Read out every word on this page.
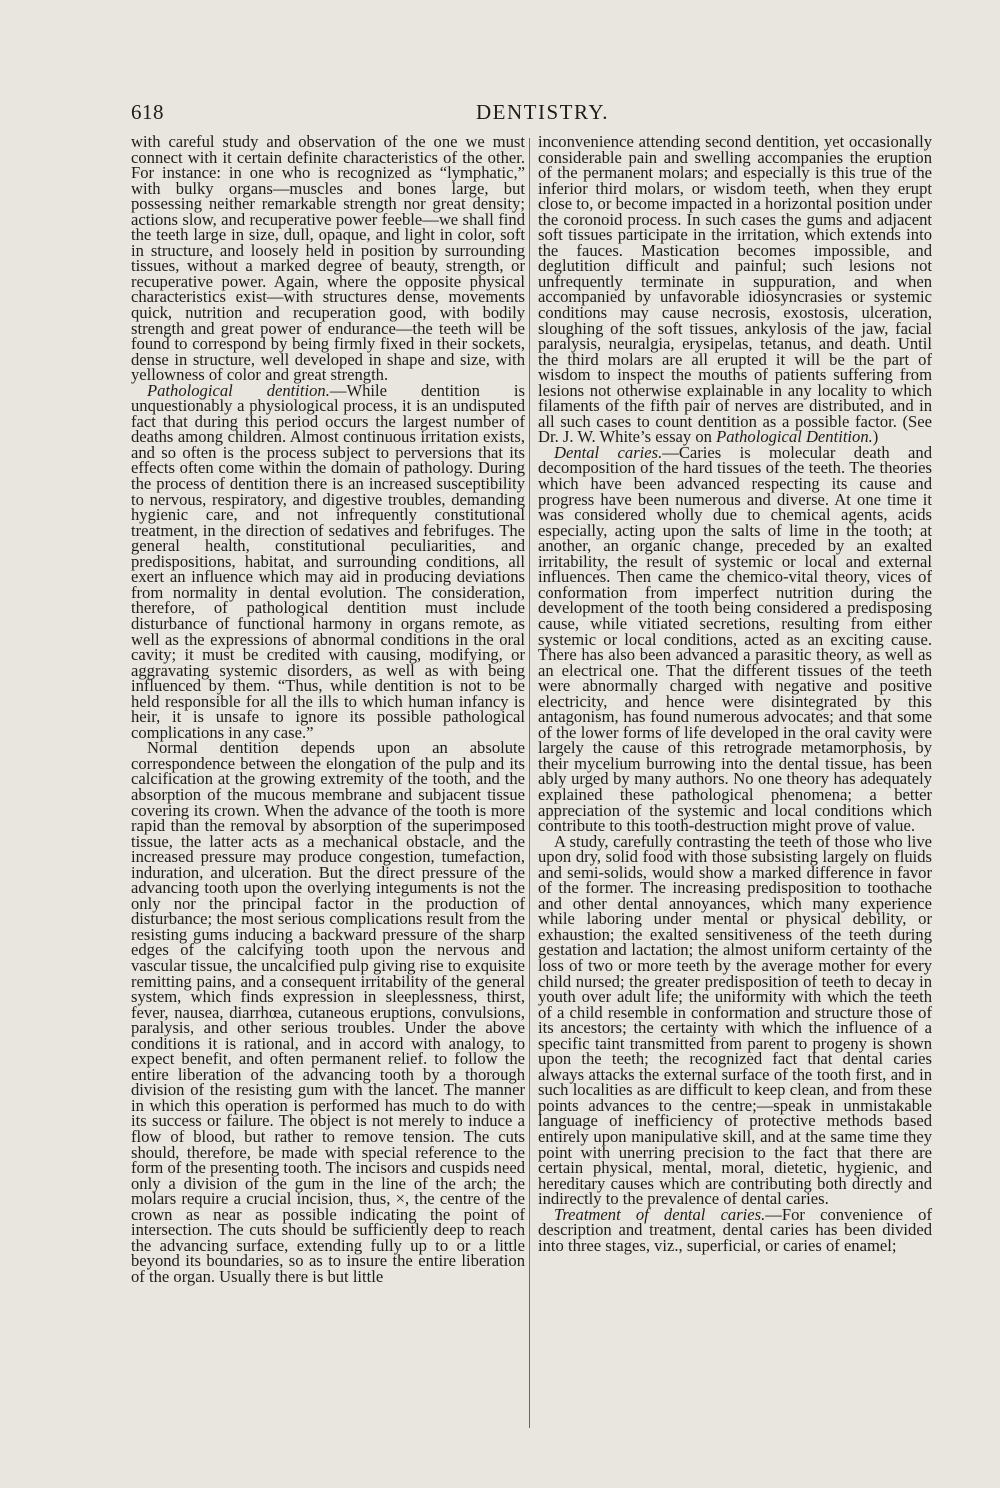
618	DENTISTRY.

with careful study and observation of the one we must connect with it certain definite characteristics of the other. For instance: in one who is recognized as “lymphatic,” with bulky organs—muscles and bones large, but possessing neither remarkable strength nor great density; actions slow, and recuperative power feeble—we shall find the teeth large in size, dull, opaque, and light in color, soft in structure, and loosely held in position by surrounding tissues, without a marked degree of beauty, strength, or recuperative power. Again, where the opposite physical characteristics exist—with structures dense, movements quick, nutrition and recuperation good, with bodily strength and great power of endurance—the teeth will be found to correspond by being firmly fixed in their sockets, dense in structure, well developed in shape and size, with yellowness of color and great strength.

Pathological dentition.—While dentition is unquestionably a physiological process, it is an undisputed fact that during this period occurs the largest number of deaths among children. Almost continuous irritation exists, and so often is the process subject to perversions that its effects often come within the domain of pathology. During the process of dentition there is an increased susceptibility to nervous, respiratory, and digestive troubles, demanding hygienic care, and not infrequently constitutional treatment, in the direction of sedatives and febrifuges. The general health, constitutional peculiarities, and predispositions, habitat, and surrounding conditions, all exert an influence which may aid in producing deviations from normality in dental evolution. The consideration, therefore, of pathological dentition must include disturbance of functional harmony in organs remote, as well as the expressions of abnormal conditions in the oral cavity; it must be credited with causing, modifying, or aggravating systemic disorders, as well as with being influenced by them. “Thus, while dentition is not to be held responsible for all the ills to which human infancy is heir, it is unsafe to ignore its possible pathological complications in any case.”

Normal dentition depends upon an absolute correspondence between the elongation of the pulp and its calcification at the growing extremity of the tooth, and the absorption of the mucous membrane and subjacent tissue covering its crown. When the advance of the tooth is more rapid than the removal by absorption of the superimposed tissue, the latter acts as a mechanical obstacle, and the increased pressure may produce congestion, tumefaction, induration, and ulceration. But the direct pressure of the advancing tooth upon the overlying integuments is not the only nor the principal factor in the production of disturbance; the most serious complications result from the resisting gums inducing a backward pressure of the sharp edges of the calcifying tooth upon the nervous and vascular tissue, the uncalcified pulp giving rise to exquisite remitting pains, and a consequent irritability of the general system, which finds expression in sleeplessness, thirst, fever, nausea, diarrhœa, cutaneous eruptions, convulsions, paralysis, and other serious troubles. Under the above conditions it is rational, and in accord with analogy, to expect benefit, and often permanent relief. to follow the entire liberation of the advancing tooth by a thorough division of the resisting gum with the lancet. The manner in which this operation is performed has much to do with its success or failure. The object is not merely to induce a flow of blood, but rather to remove tension. The cuts should, therefore, be made with special reference to the form of the presenting tooth. The incisors and cuspids need only a division of the gum in the line of the arch; the molars require a crucial incision, thus, ×, the centre of the crown as near as possible indicating the point of intersection. The cuts should be sufficiently deep to reach the advancing surface, extending fully up to or a little beyond its boundaries, so as to insure the entire liberation of the organ. Usually there is but little

inconvenience attending second dentition, yet occasionally considerable pain and swelling accompanies the eruption of the permanent molars; and especially is this true of the inferior third molars, or wisdom teeth, when they erupt close to, or become impacted in a horizontal position under the coronoid process. In such cases the gums and adjacent soft tissues participate in the irritation, which extends into the fauces. Mastication becomes impossible, and deglutition difficult and painful; such lesions not unfrequently terminate in suppuration, and when accompanied by unfavorable idiosyncrasies or systemic conditions may cause necrosis, exostosis, ulceration, sloughing of the soft tissues, ankylosis of the jaw, facial paralysis, neuralgia, erysipelas, tetanus, and death. Until the third molars are all erupted it will be the part of wisdom to inspect the mouths of patients suffering from lesions not otherwise explainable in any locality to which filaments of the fifth pair of nerves are distributed, and in all such cases to count dentition as a possible factor. (See Dr. J. W. White’s essay on Pathological Dentition.)

Dental caries.—Caries is molecular death and decomposition of the hard tissues of the teeth. The theories which have been advanced respecting its cause and progress have been numerous and diverse. At one time it was considered wholly due to chemical agents, acids especially, acting upon the salts of lime in the tooth; at another, an organic change, preceded by an exalted irritability, the result of systemic or local and external influences. Then came the chemico-vital theory, vices of conformation from imperfect nutrition during the development of the tooth being considered a predisposing cause, while vitiated secretions, resulting from either systemic or local conditions, acted as an exciting cause. There has also been advanced a parasitic theory, as well as an electrical one. That the different tissues of the teeth were abnormally charged with negative and positive electricity, and hence were disintegrated by this antagonism, has found numerous advocates; and that some of the lower forms of life developed in the oral cavity were largely the cause of this retrograde metamorphosis, by their mycelium burrowing into the dental tissue, has been ably urged by many authors. No one theory has adequately explained these pathological phenomena; a better appreciation of the systemic and local conditions which contribute to this tooth-destruction might prove of value.

A study, carefully contrasting the teeth of those who live upon dry, solid food with those subsisting largely on fluids and semi-solids, would show a marked difference in favor of the former. The increasing predisposition to toothache and other dental annoyances, which many experience while laboring under mental or physical debility, or exhaustion; the exalted sensitiveness of the teeth during gestation and lactation; the almost uniform certainty of the loss of two or more teeth by the average mother for every child nursed; the greater predisposition of teeth to decay in youth over adult life; the uniformity with which the teeth of a child resemble in conformation and structure those of its ancestors; the certainty with which the influence of a specific taint transmitted from parent to progeny is shown upon the teeth; the recognized fact that dental caries always attacks the external surface of the tooth first, and in such localities as are difficult to keep clean, and from these points advances to the centre;—speak in unmistakable language of inefficiency of protective methods based entirely upon manipulative skill, and at the same time they point with unerring precision to the fact that there are certain physical, mental, moral, dietetic, hygienic, and hereditary causes which are contributing both directly and indirectly to the prevalence of dental caries.

Treatment of dental caries.—For convenience of description and treatment, dental caries has been divided into three stages, viz., superficial, or caries of enamel;
